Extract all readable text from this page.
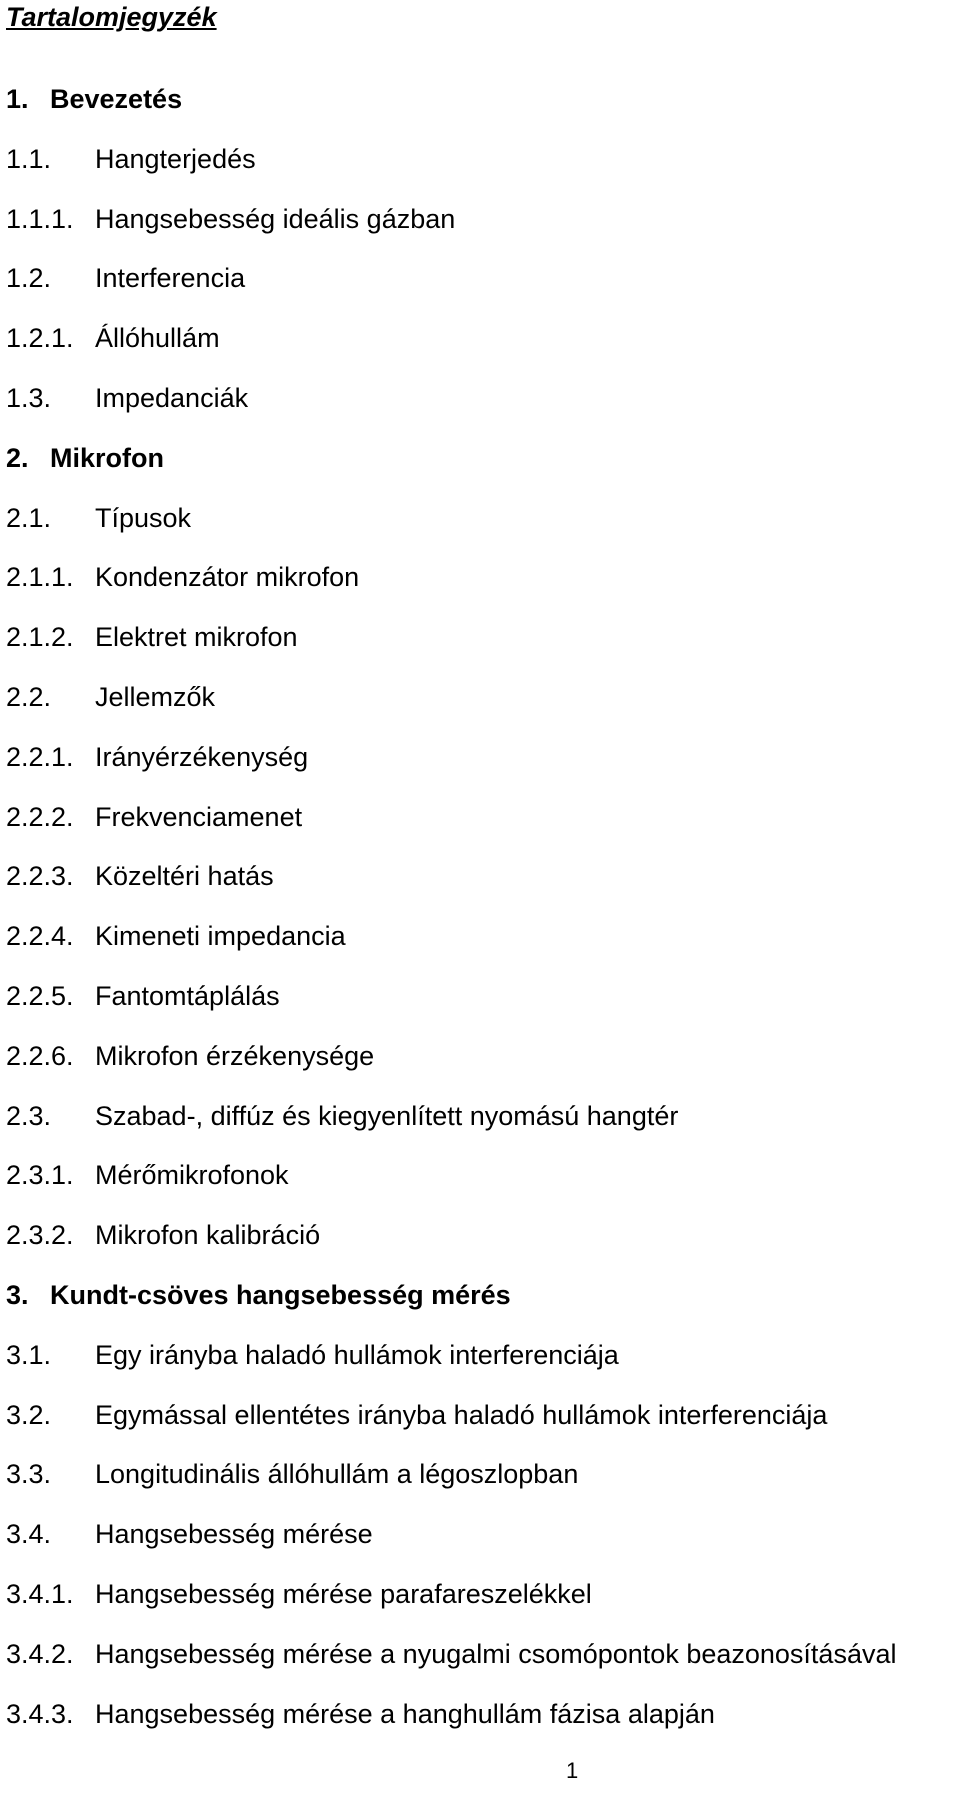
Tartalomjegyzék
1. Bevezetés
1.1. Hangterjedés
1.1.1. Hangsebesség ideális gázban
1.2. Interferencia
1.2.1. Állóhullám
1.3. Impedanciák
2. Mikrofon
2.1. Típusok
2.1.1. Kondenzátor mikrofon
2.1.2. Elektret mikrofon
2.2. Jellemzők
2.2.1. Irányérzékenység
2.2.2. Frekvenciamenet
2.2.3. Közeltéri hatás
2.2.4. Kimeneti impedancia
2.2.5. Fantomtáplálás
2.2.6. Mikrofon érzékenysége
2.3. Szabad-, diffúz és kiegyenlített nyomású hangtér
2.3.1. Mérőmikrofonok
2.3.2. Mikrofon kalibráció
3. Kundt-csöves hangsebesség mérés
3.1. Egy irányba haladó hullámok interferenciája
3.2. Egymással ellentétes irányba haladó hullámok interferenciája
3.3. Longitudinális állóhullám a légoszlopban
3.4. Hangsebesség mérése
3.4.1. Hangsebesség mérése parafareszelékkel
3.4.2. Hangsebesség mérése a nyugalmi csomópontok beazonosításával
3.4.3. Hangsebesség mérése a hanghullám fázisa alapján
1
